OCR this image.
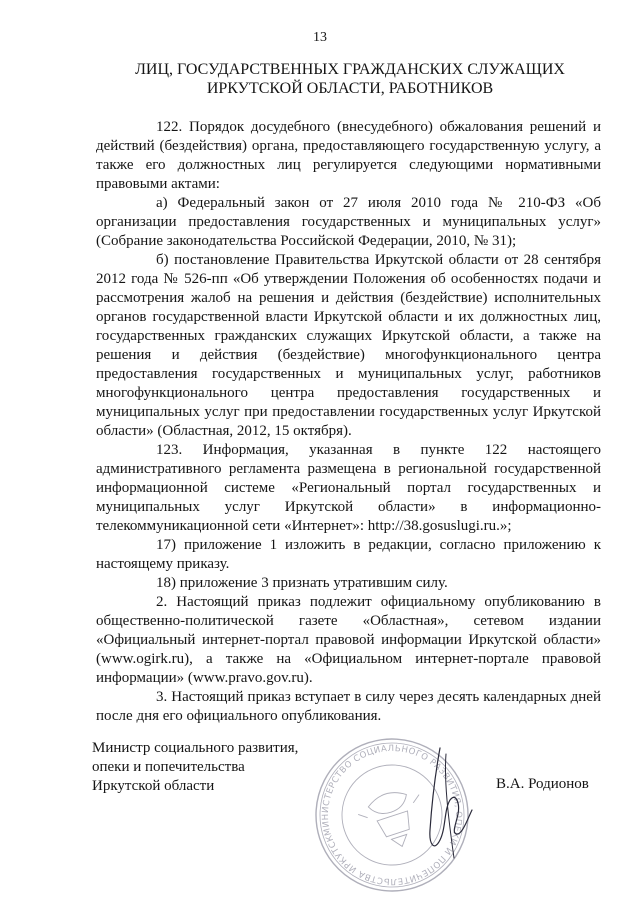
13
ЛИЦ, ГОСУДАРСТВЕННЫХ ГРАЖДАНСКИХ СЛУЖАЩИХ
ИРКУТСКОЙ ОБЛАСТИ, РАБОТНИКОВ

122. Порядок досудебного (внесудебного) обжалования решений и действий (бездействия) органа, предоставляющего государственную услугу, а также его должностных лиц регулируется следующими нормативными правовыми актами:

а) Федеральный закон от 27 июля 2010 года № 210-ФЗ «Об организации предоставления государственных и муниципальных услуг» (Собрание законодательства Российской Федерации, 2010, № 31);

б) постановление Правительства Иркутской области от 28 сентября 2012 года № 526-пп «Об утверждении Положения об особенностях подачи и рассмотрения жалоб на решения и действия (бездействие) исполнительных органов государственной власти Иркутской области и их должностных лиц, государственных гражданских служащих Иркутской области, а также на решения и действия (бездействие) многофункционального центра предоставления государственных и муниципальных услуг, работников многофункционального центра предоставления государственных и муниципальных услуг при предоставлении государственных услуг Иркутской области» (Областная, 2012, 15 октября).

123. Информация, указанная в пункте 122 настоящего административного регламента размещена в региональной государственной информационной системе «Региональный портал государственных и муниципальных услуг Иркутской области» в информационно-телекоммуникационной сети «Интернет»: http://38.gosuslugi.ru.»;

17) приложение 1 изложить в редакции, согласно приложению к настоящему приказу.

18) приложение 3 признать утратившим силу.

2. Настоящий приказ подлежит официальному опубликованию в общественно-политической газете «Областная», сетевом издании «Официальный интернет-портал правовой информации Иркутской области» (www.ogirk.ru), а также на «Официальном интернет-портале правовой информации» (www.pravo.gov.ru).

3. Настоящий приказ вступает в силу через десять календарных дней после дня его официального опубликования.

Министр социального развития,
опеки и попечительства
Иркутской области
МИНИСТЕРСТВО СОЦИАЛЬНОГО РАЗВИТИЯ, ОПЕКИ И ПОПЕЧИТЕЛЬСТВА ИРКУТСКОЙ
В.А. Родионов
